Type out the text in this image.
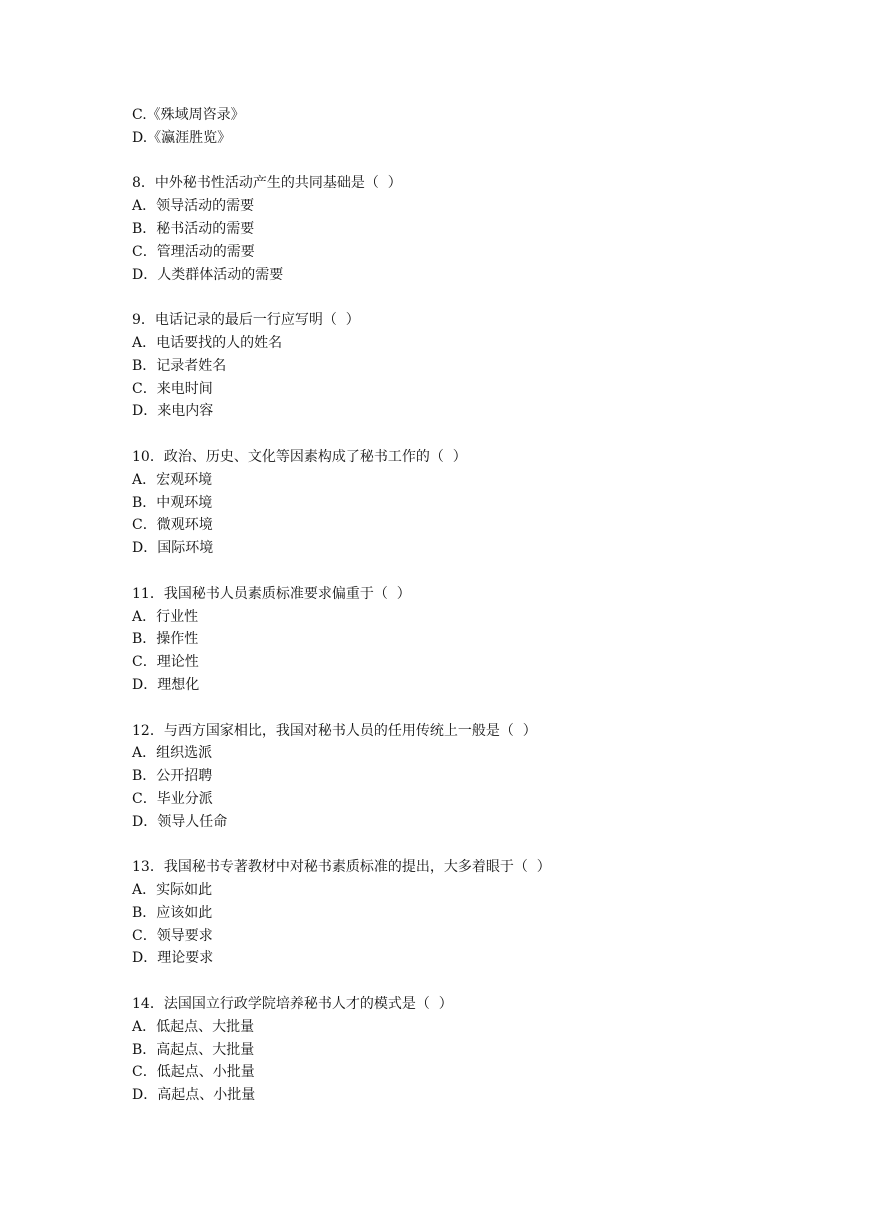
C.《殊域周咨录》
D.《瀛涯胜览》
8．中外秘书性活动产生的共同基础是（  ）
A．领导活动的需要
B．秘书活动的需要
C．管理活动的需要
D．人类群体活动的需要
9．电话记录的最后一行应写明（  ）
A．电话要找的人的姓名
B．记录者姓名
C．来电时间
D．来电内容
10．政治、历史、文化等因素构成了秘书工作的（  ）
A．宏观环境
B．中观环境
C．微观环境
D．国际环境
11．我国秘书人员素质标准要求偏重于（  ）
A．行业性
B．操作性
C．理论性
D．理想化
12．与西方国家相比，我国对秘书人员的任用传统上一般是（  ）
A．组织选派
B．公开招聘
C．毕业分派
D．领导人任命
13．我国秘书专著教材中对秘书素质标准的提出，大多着眼于（  ）
A．实际如此
B．应该如此
C．领导要求
D．理论要求
14．法国国立行政学院培养秘书人才的模式是（  ）
A．低起点、大批量
B．高起点、大批量
C．低起点、小批量
D．高起点、小批量
